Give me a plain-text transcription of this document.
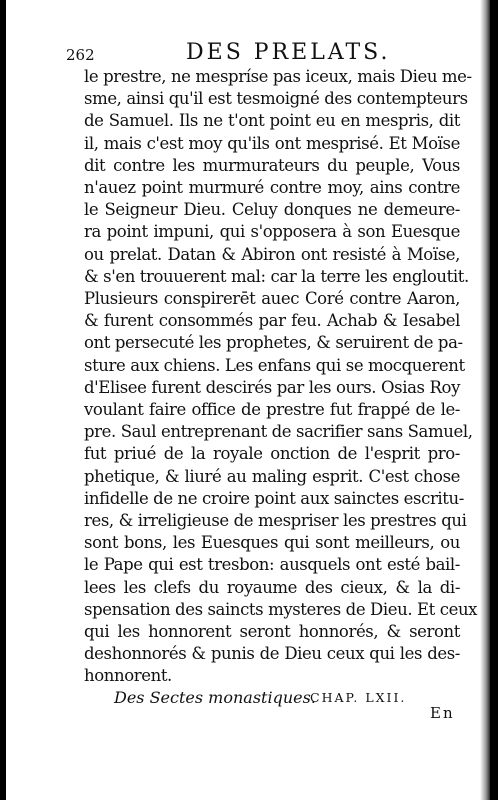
262	DES PRELATS.
le prestre, ne mespríse pas iceux, mais Dieu me-
sme, ainsi qu'il est tesmoigné des contempteurs
de Samuel. Ils ne t'ont point eu en mespris, dit
il, mais c'est moy qu'ils ont mesprisé. Et Moïse
dit contre les murmurateurs du peuple, Vous
n'auez point murmuré contre moy, ains contre
le Seigneur Dieu. Celuy donques ne demeure-
ra point impuni, qui s'opposera à son Euesque
ou prelat. Datan & Abiron ont resisté à Moïse,
& s'en trouuerent mal: car la terre les engloutit.
Plusieurs conspirerēt auec Coré contre Aaron,
& furent consommés par feu. Achab & Iesabel
ont persecuté les prophetes, & seruirent de pa-
sture aux chiens. Les enfans qui se mocquerent
d'Elisee furent descirés par les ours. Osias Roy
voulant faire office de prestre fut frappé de le-
pre. Saul entreprenant de sacrifier sans Samuel,
fut priué de la royale onction de l'esprit pro-
phetique, & liuré au maling esprit. C'est chose
infidelle de ne croire point aux sainctes escritu-
res, & irreligieuse de mespriser les prestres qui
sont bons, les Euesques qui sont meilleurs, ou
le Pape qui est tresbon: ausquels ont esté bail-
lees les clefs du royaume des cieux, & la di-
spensation des saincts mysteres de Dieu. Et ceux
qui les honnorent seront honnorés, & seront
deshonnorés & punis de Dieu ceux qui les des-
honnorent.
Des Sectes monastiques.
CHAP. LXII.
En
